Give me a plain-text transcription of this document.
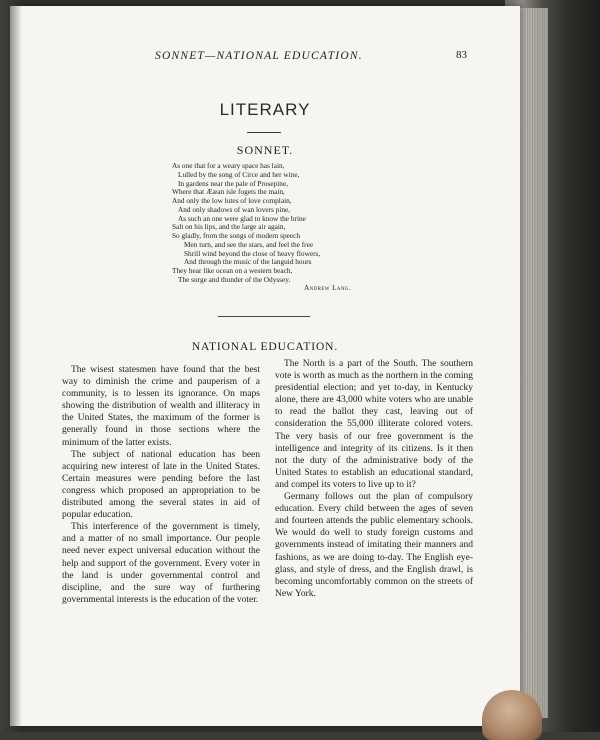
SONNET—NATIONAL EDUCATION.	83
LITERARY
SONNET.
As one that for a weary space has lain,
Lulled by the song of Circe and her wine,
In gardens near the pale of Prosepine,
Where that Ææan isle fogets the main,
And only the low lutes of love complain,
And only shadows of wan lovers pine,
As such an one were glad to know the brine
Salt on his lips, and the large air again,
So gladly, from the songs of modern speech
Men turn, and see the stars, and feel the free
Shrill wind beyond the close of heavy flowers,
And through the music of the languid hours
They hear like ocean on a western beach,
The surge and thunder of the Odyssey.
Andrew Lang.
NATIONAL EDUCATION.

The wisest statesmen have found that the best way to diminish the crime and pauperism of a community, is to lessen its ignorance. On maps showing the distribution of wealth and illiteracy in the United States, the maximum of the former is generally found in those sections where the minimum of the latter exists.

The subject of national education has been acquiring new interest of late in the United States. Certain measures were pending before the last congress which proposed an appropriation to be distributed among the several states in aid of popular education.

This interference of the government is timely, and a matter of no small importance. Our people need never expect universal education without the help and support of the government. Every voter in the land is under governmental control and discipline, and the sure way of furthering governmental interests is the education of the voter.

The North is a part of the South. The southern vote is worth as much as the northern in the coming presidential election; and yet to-day, in Kentucky alone, there are 43,000 white voters who are unable to read the ballot they cast, leaving out of consideration the 55,000 illiterate colored voters. The very basis of our free government is the intelligence and integrity of its citizens. Is it then not the duty of the administrative body of the United States to establish an educational standard, and compel its voters to live up to it?

Germany follows out the plan of compulsory education. Every child between the ages of seven and fourteen attends the public elementary schools. We would do well to study foreign customs and governments instead of imitating their manners and fashions, as we are doing to-day. The English eye-glass, and style of dress, and the English drawl, is becoming uncomfortably common on the streets of New York.
